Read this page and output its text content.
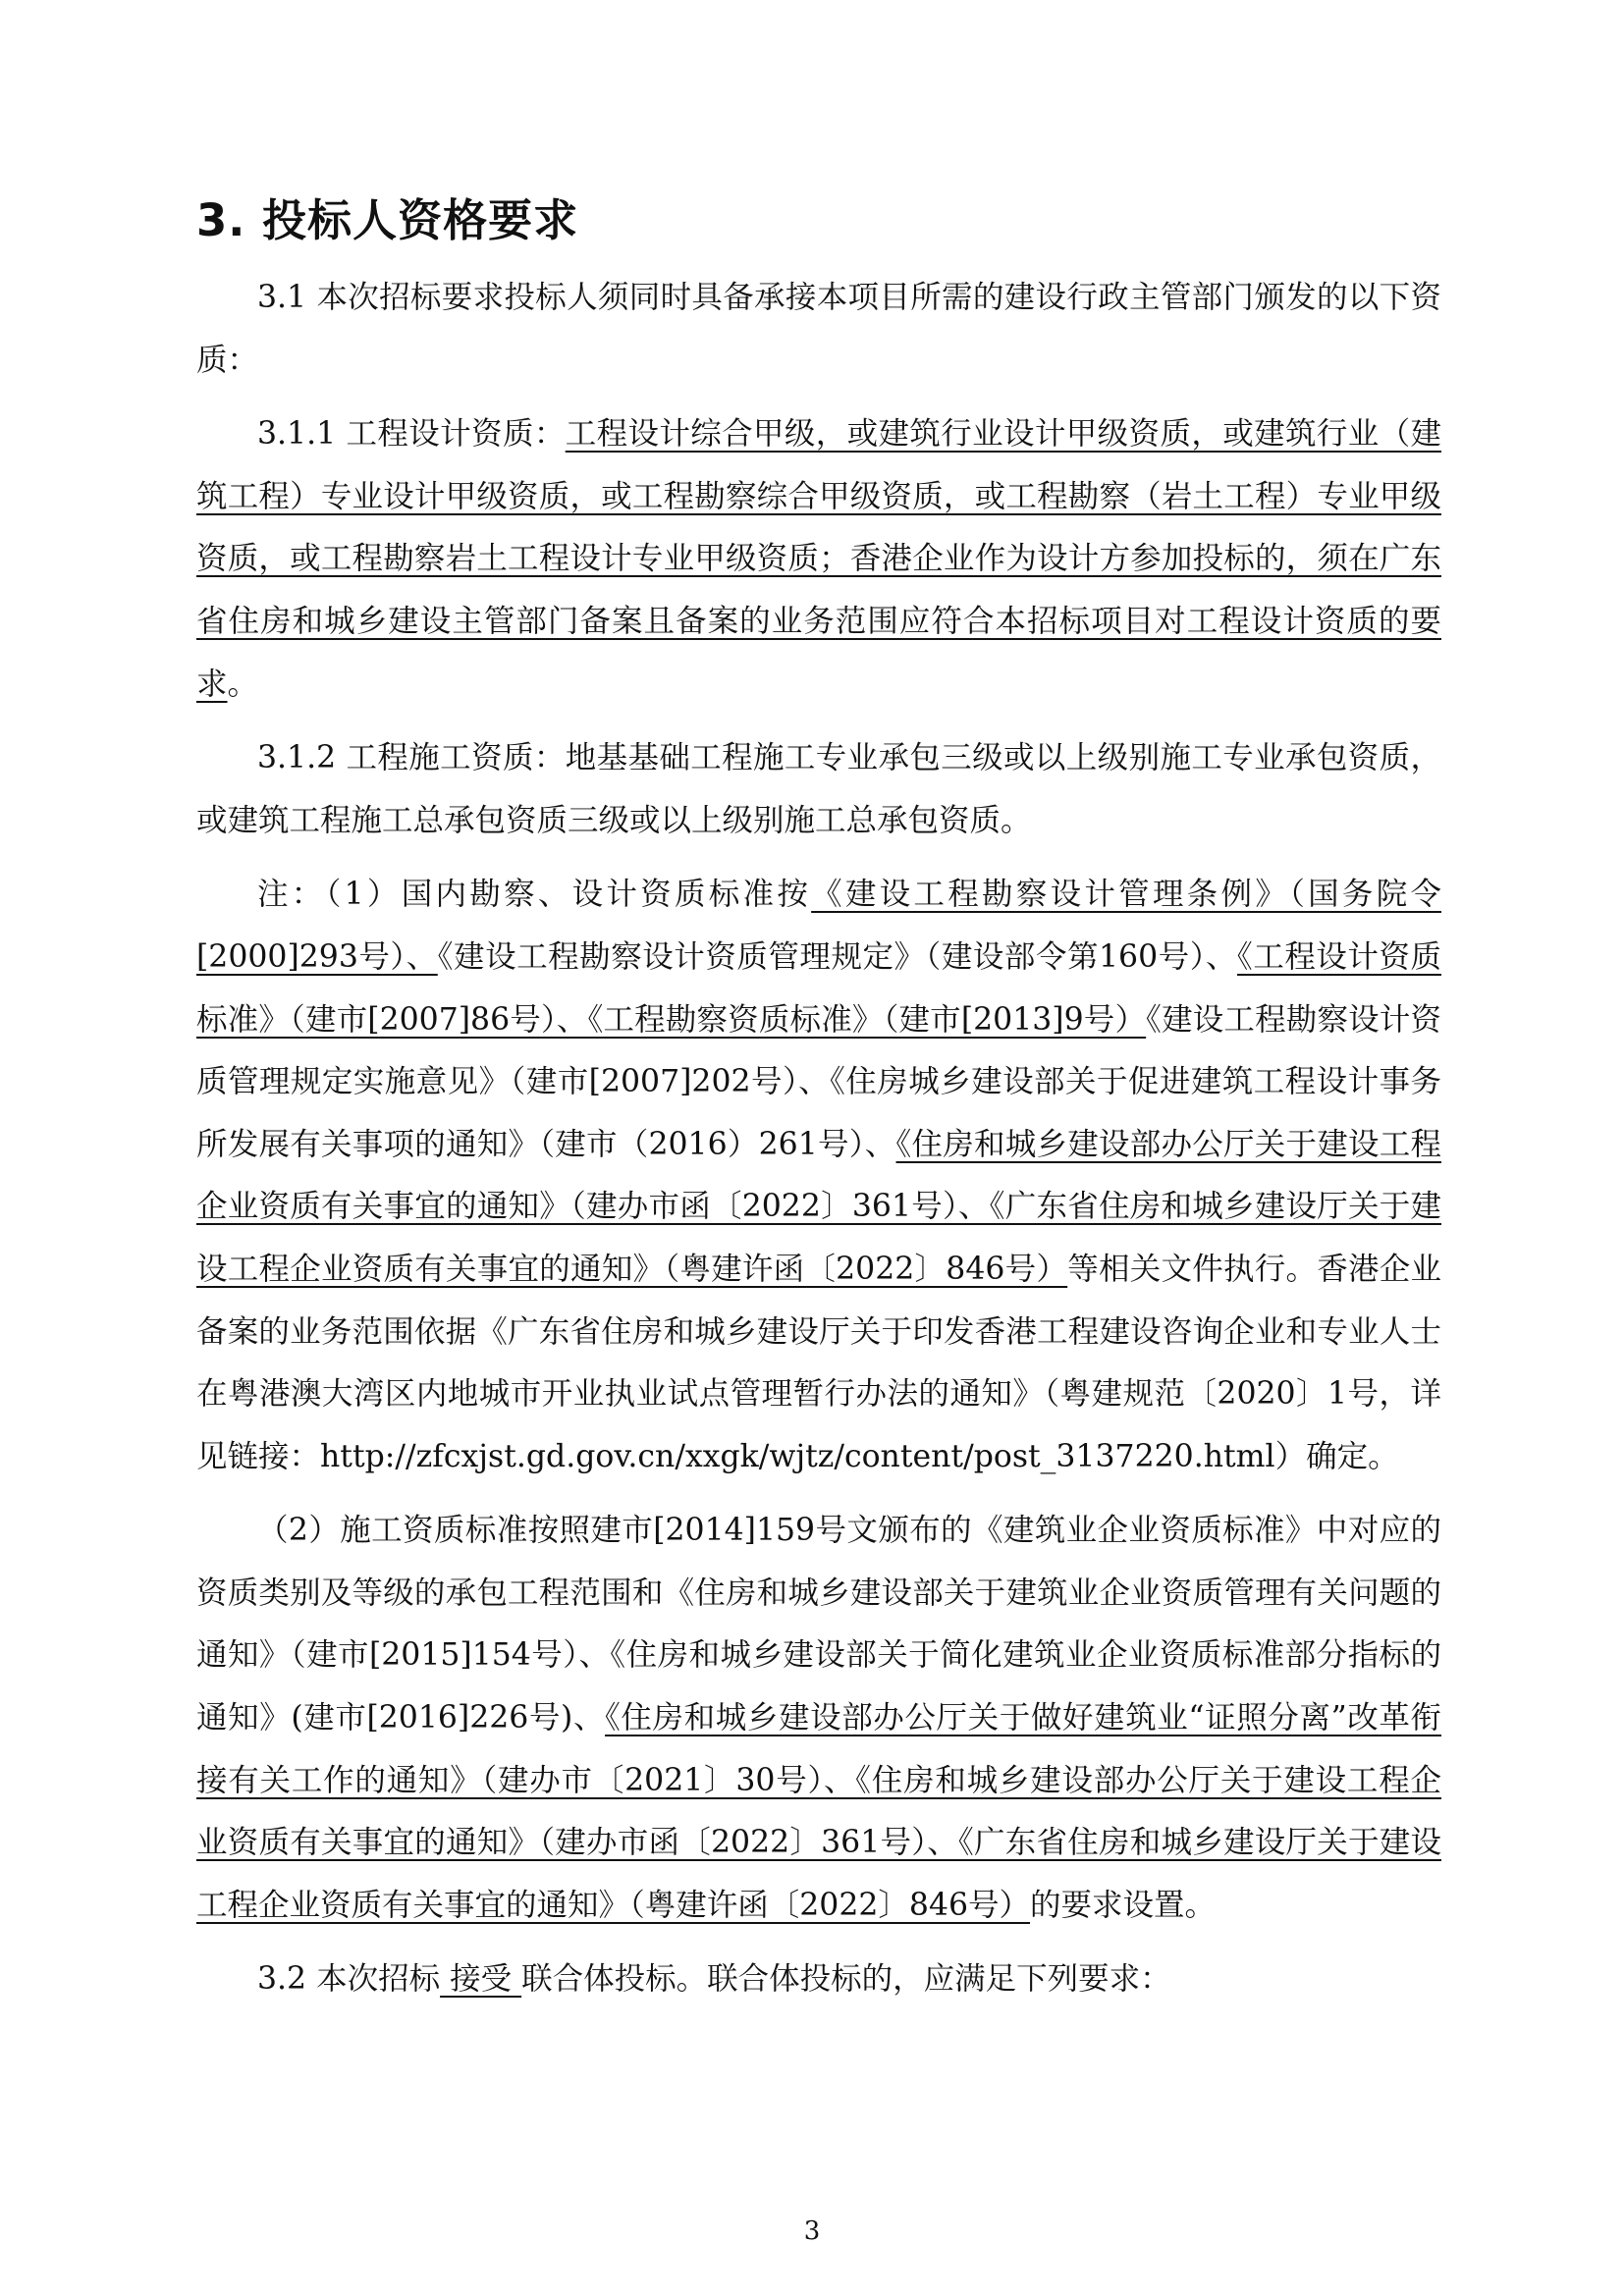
3. 投标人资格要求

3.1 本次招标要求投标人须同时具备承接本项目所需的建设行政主管部门颁发的以下资质：

3.1.1 工程设计资质：工程设计综合甲级，或建筑行业设计甲级资质，或建筑行业（建筑工程）专业设计甲级资质，或工程勘察综合甲级资质，或工程勘察（岩土工程）专业甲级资质，或工程勘察岩土工程设计专业甲级资质；香港企业作为设计方参加投标的，须在广东省住房和城乡建设主管部门备案且备案的业务范围应符合本招标项目对工程设计资质的要求。

3.1.2 工程施工资质：地基基础工程施工专业承包三级或以上级别施工专业承包资质，或建筑工程施工总承包资质三级或以上级别施工总承包资质。

注：（1）国内勘察、设计资质标准按《建设工程勘察设计管理条例》（国务院令[2000]293号）、《建设工程勘察设计资质管理规定》（建设部令第160号）、《工程设计资质标准》（建市[2007]86号）、《工程勘察资质标准》（建市[2013]9号）《建设工程勘察设计资质管理规定实施意见》（建市[2007]202号）、《住房城乡建设部关于促进建筑工程设计事务所发展有关事项的通知》（建市（2016）261号）、《住房和城乡建设部办公厅关于建设工程企业资质有关事宜的通知》（建办市函〔2022〕361号）、《广东省住房和城乡建设厅关于建设工程企业资质有关事宜的通知》（粤建许函〔2022〕846号）等相关文件执行。香港企业备案的业务范围依据《广东省住房和城乡建设厅关于印发香港工程建设咨询企业和专业人士在粤港澳大湾区内地城市开业执业试点管理暂行办法的通知》（粤建规范〔2020〕1号，详见链接：http://zfcxjst.gd.gov.cn/xxgk/wjtz/content/post_3137220.html）确定。

（2）施工资质标准按照建市[2014]159号文颁布的《建筑业企业资质标准》中对应的资质类别及等级的承包工程范围和《住房和城乡建设部关于建筑业企业资质管理有关问题的通知》（建市[2015]154号）、《住房和城乡建设部关于简化建筑业企业资质标准部分指标的通知》(建市[2016]226号)、《住房和城乡建设部办公厅关于做好建筑业“证照分离”改革衔接有关工作的通知》（建办市〔2021〕30号）、《住房和城乡建设部办公厅关于建设工程企业资质有关事宜的通知》（建办市函〔2022〕361号）、《广东省住房和城乡建设厅关于建设工程企业资质有关事宜的通知》（粤建许函〔2022〕846号）的要求设置。

3.2 本次招标 接受 联合体投标。联合体投标的，应满足下列要求：

3
